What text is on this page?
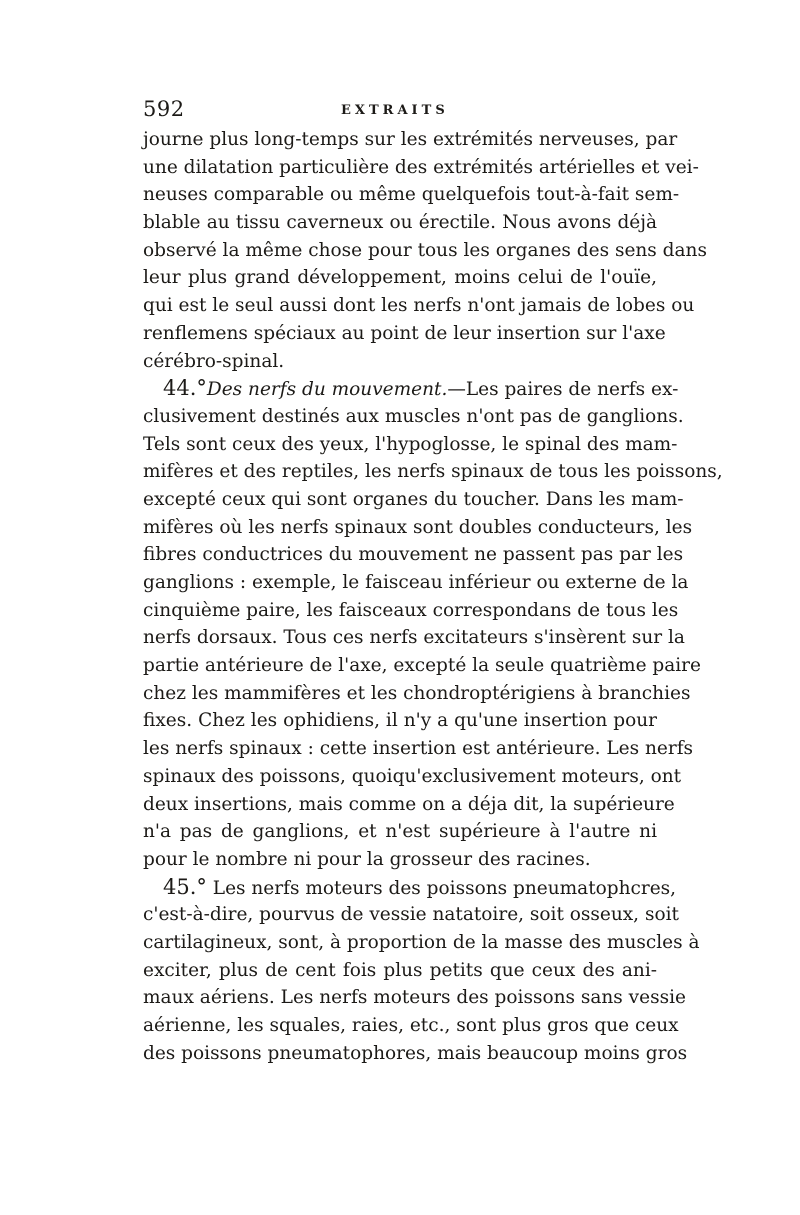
592	EXTRAITS
journe plus long-temps sur les extrémités nerveuses, par
une dilatation particulière des extrémités artérielles et vei-
neuses comparable ou même quelquefois tout-à-fait sem-
blable au tissu caverneux ou érectile. Nous avons déjà
observé la même chose pour tous les organes des sens dans
leur plus grand développement, moins celui de l'ouïe,
qui est le seul aussi dont les nerfs n'ont jamais de lobes ou
renflemens spéciaux au point de leur insertion sur l'axe
cérébro-spinal.
44.°Des nerfs du mouvement.—Les paires de nerfs ex-
clusivement destinés aux muscles n'ont pas de ganglions.
Tels sont ceux des yeux, l'hypoglosse, le spinal des mam-
mifères et des reptiles, les nerfs spinaux de tous les poissons,
excepté ceux qui sont organes du toucher. Dans les mam-
mifères où les nerfs spinaux sont doubles conducteurs, les
fibres conductrices du mouvement ne passent pas par les
ganglions : exemple, le faisceau inférieur ou externe de la
cinquième paire, les faisceaux correspondans de tous les
nerfs dorsaux. Tous ces nerfs excitateurs s'insèrent sur la
partie antérieure de l'axe, excepté la seule quatrième paire
chez les mammifères et les chondroptérigiens à branchies
fixes. Chez les ophidiens, il n'y a qu'une insertion pour
les nerfs spinaux : cette insertion est antérieure. Les nerfs
spinaux des poissons, quoiqu'exclusivement moteurs, ont
deux insertions, mais comme on a déja dit, la supérieure
n'a pas de ganglions, et n'est supérieure à l'autre ni
pour le nombre ni pour la grosseur des racines.
45.° Les nerfs moteurs des poissons pneumatophcres,
c'est-à-dire, pourvus de vessie natatoire, soit osseux, soit
cartilagineux, sont, à proportion de la masse des muscles à
exciter, plus de cent fois plus petits que ceux des ani-
maux aériens. Les nerfs moteurs des poissons sans vessie
aérienne, les squales, raies, etc., sont plus gros que ceux
des poissons pneumatophores, mais beaucoup moins gros
